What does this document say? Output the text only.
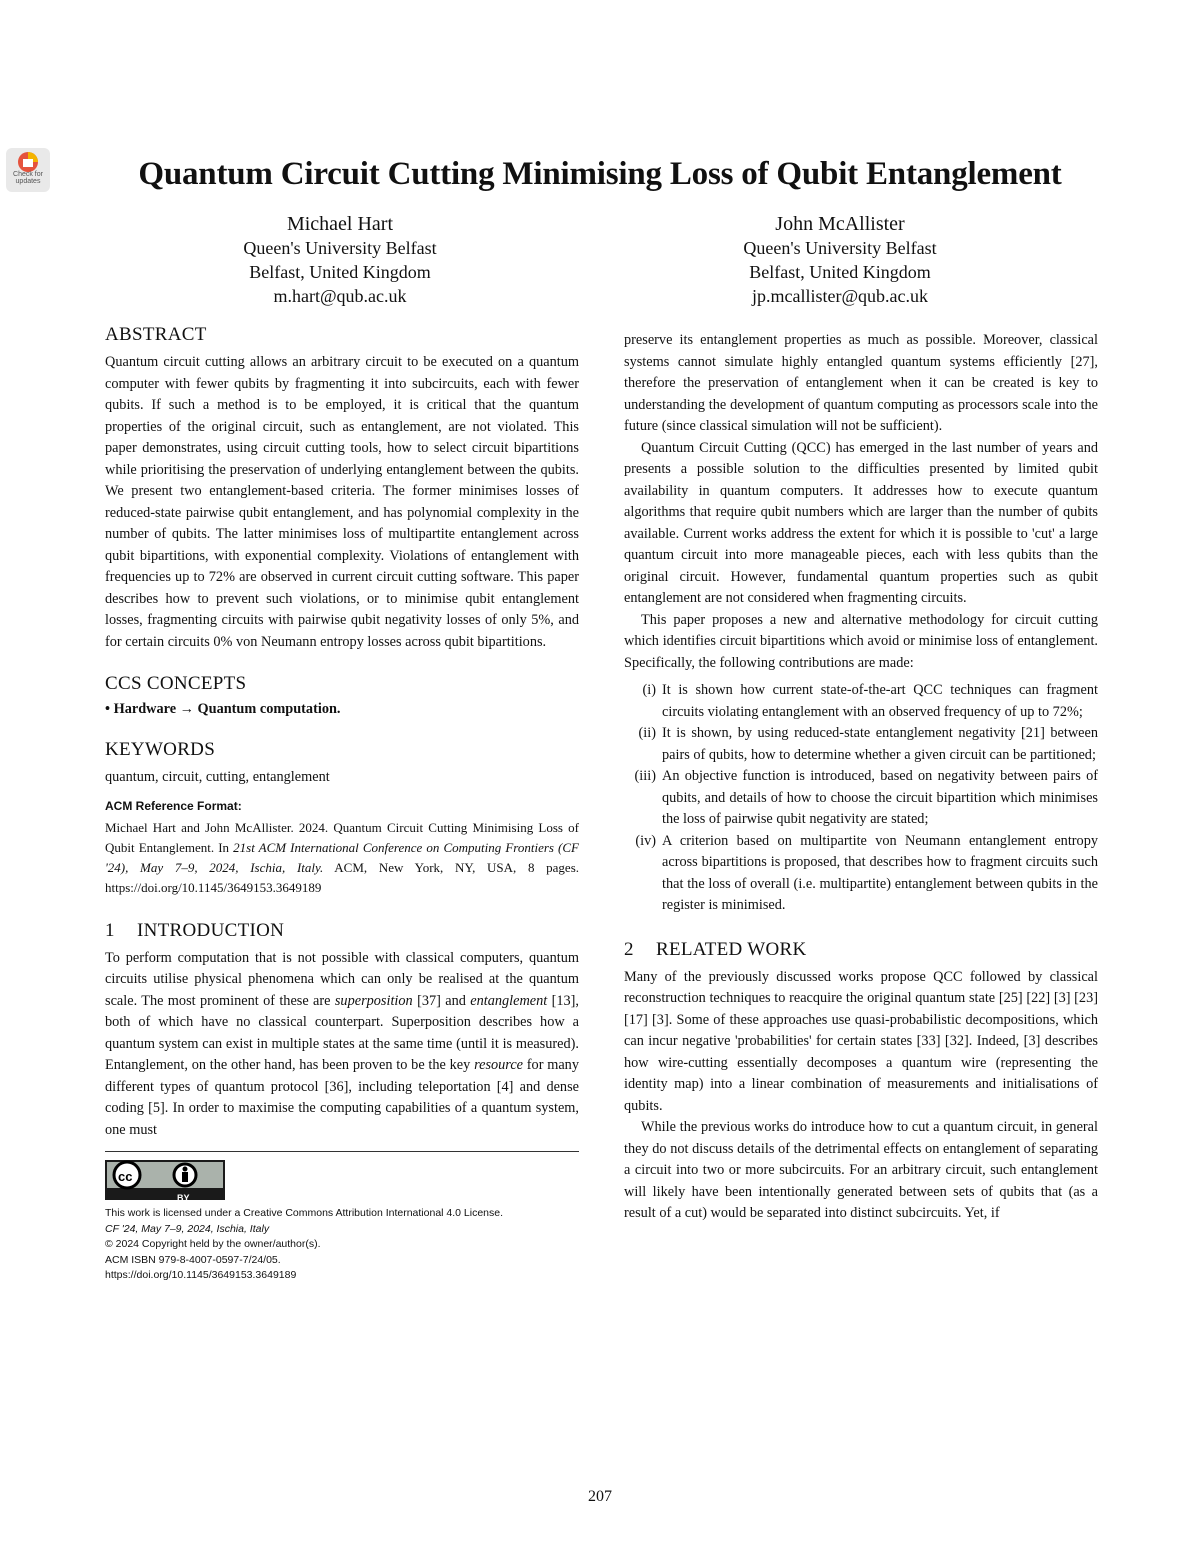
Check for updates	Quantum Circuit Cutting Minimising Loss of Qubit Entanglement
Michael Hart
Queen's University Belfast
Belfast, United Kingdom
m.hart@qub.ac.uk
John McAllister
Queen's University Belfast
Belfast, United Kingdom
jp.mcallister@qub.ac.uk
ABSTRACT

Quantum circuit cutting allows an arbitrary circuit to be executed on a quantum computer with fewer qubits by fragmenting it into subcircuits, each with fewer qubits. If such a method is to be employed, it is critical that the quantum properties of the original circuit, such as entanglement, are not violated. This paper demonstrates, using circuit cutting tools, how to select circuit bipartitions while prioritising the preservation of underlying entanglement between the qubits. We present two entanglement-based criteria. The former minimises losses of reduced-state pairwise qubit entanglement, and has polynomial complexity in the number of qubits. The latter minimises loss of multipartite entanglement across qubit bipartitions, with exponential complexity. Violations of entanglement with frequencies up to 72% are observed in current circuit cutting software. This paper describes how to prevent such violations, or to minimise qubit entanglement losses, fragmenting circuits with pairwise qubit negativity losses of only 5%, and for certain circuits 0% von Neumann entropy losses across qubit bipartitions.

CCS CONCEPTS

• Hardware → Quantum computation.

KEYWORDS

quantum, circuit, cutting, entanglement

ACM Reference Format:

Michael Hart and John McAllister. 2024. Quantum Circuit Cutting Minimising Loss of Qubit Entanglement. In 21st ACM International Conference on Computing Frontiers (CF '24), May 7–9, 2024, Ischia, Italy. ACM, New York, NY, USA, 8 pages. https://doi.org/10.1145/3649153.3649189

1 INTRODUCTION

To perform computation that is not possible with classical computers, quantum circuits utilise physical phenomena which can only be realised at the quantum scale. The most prominent of these are superposition [37] and entanglement [13], both of which have no classical counterpart. Superposition describes how a quantum system can exist in multiple states at the same time (until it is measured). Entanglement, on the other hand, has been proven to be the key resource for many different types of quantum protocol [36], including teleportation [4] and dense coding [5]. In order to maximise the computing capabilities of a quantum system, one must

cc
BY
This work is licensed under a Creative Commons Attribution International 4.0 License.
CF '24, May 7–9, 2024, Ischia, Italy
© 2024 Copyright held by the owner/author(s).
ACM ISBN 979-8-4007-0597-7/24/05.
https://doi.org/10.1145/3649153.3649189

preserve its entanglement properties as much as possible. Moreover, classical systems cannot simulate highly entangled quantum systems efficiently [27], therefore the preservation of entanglement when it can be created is key to understanding the development of quantum computing as processors scale into the future (since classical simulation will not be sufficient).

Quantum Circuit Cutting (QCC) has emerged in the last number of years and presents a possible solution to the difficulties presented by limited qubit availability in quantum computers. It addresses how to execute quantum algorithms that require qubit numbers which are larger than the number of qubits available. Current works address the extent for which it is possible to 'cut' a large quantum circuit into more manageable pieces, each with less qubits than the original circuit. However, fundamental quantum properties such as qubit entanglement are not considered when fragmenting circuits.

This paper proposes a new and alternative methodology for circuit cutting which identifies circuit bipartitions which avoid or minimise loss of entanglement. Specifically, the following contributions are made:

(i) It is shown how current state-of-the-art QCC techniques can fragment circuits violating entanglement with an observed frequency of up to 72%;
(ii) It is shown, by using reduced-state entanglement negativity [21] between pairs of qubits, how to determine whether a given circuit can be partitioned;
(iii) An objective function is introduced, based on negativity between pairs of qubits, and details of how to choose the circuit bipartition which minimises the loss of pairwise qubit negativity are stated;
(iv) A criterion based on multipartite von Neumann entanglement entropy across bipartitions is proposed, that describes how to fragment circuits such that the loss of overall (i.e. multipartite) entanglement between qubits in the register is minimised.
2 RELATED WORK

Many of the previously discussed works propose QCC followed by classical reconstruction techniques to reacquire the original quantum state [25] [22] [3] [23] [17] [3]. Some of these approaches use quasi-probabilistic decompositions, which can incur negative 'probabilities' for certain states [33] [32]. Indeed, [3] describes how wire-cutting essentially decomposes a quantum wire (representing the identity map) into a linear combination of measurements and initialisations of qubits.

While the previous works do introduce how to cut a quantum circuit, in general they do not discuss details of the detrimental effects on entanglement of separating a circuit into two or more subcircuits. For an arbitrary circuit, such entanglement will likely have been intentionally generated between sets of qubits that (as a result of a cut) would be separated into distinct subcircuits. Yet, if

207
